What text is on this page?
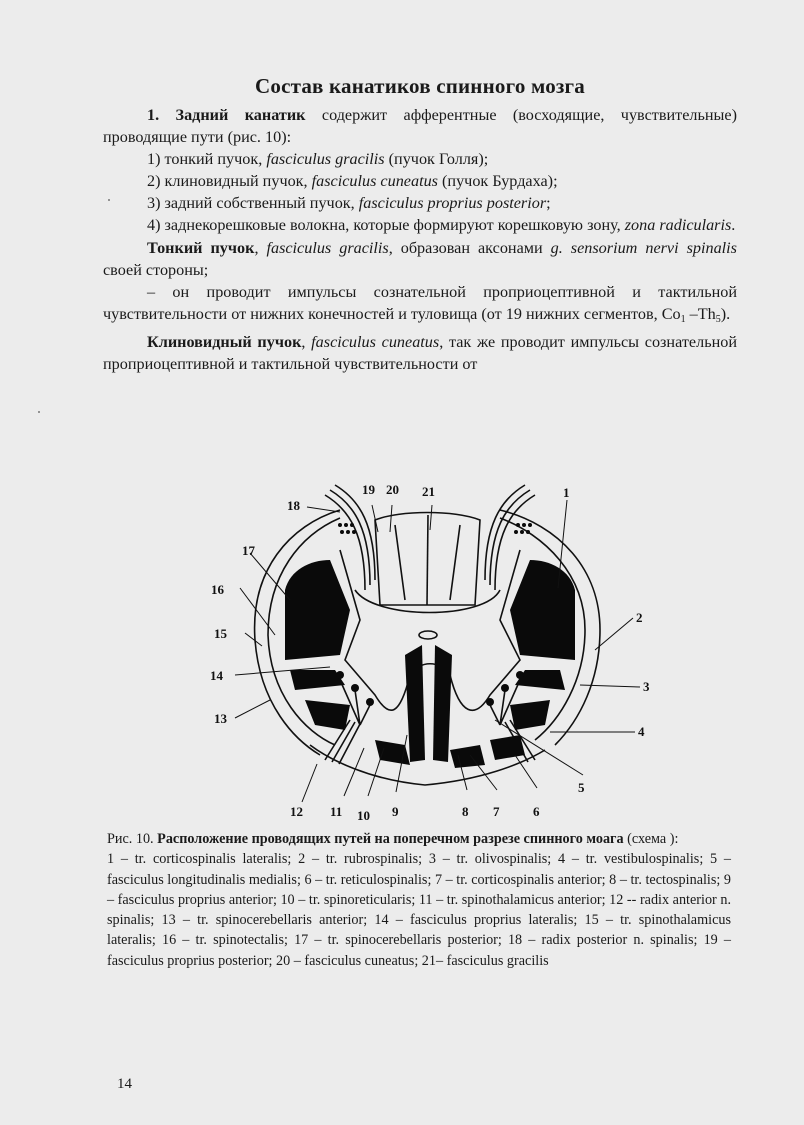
Состав канатиков спинного мозга

1. Задний канатик содержит афферентные (восходящие, чувствительные) проводящие пути (рис. 10):

1) тонкий пучок, fasciculus gracilis (пучок Голля);

2) клиновидный пучок, fasciculus cuneatus (пучок Бурдаха);

3) задний собственный пучок, fasciculus proprius posterior;

4) заднекорешковые волокна, которые формируют корешковую зону, zona radicularis.

Тонкий пучок, fasciculus gracilis, образован аксонами g. sensorium nervi spinalis своей стороны;

– он проводит импульсы сознательной проприоцептивной и тактильной чувствительности от нижних конечностей и туловища (от 19 нижних сегментов, $Co_1$ $-Th_5$).

Клиновидный пучок, fasciculus cuneatus, так же проводит импульсы сознательной проприоцептивной и тактильной чувствительности от

1
2
3
4
5
6
7
8
9
10
11
12
13
14
15
16
17
18
19 20 21

Рис. 10. Расположение проводящих путей на поперечном разрезе спинного моага (схема ):

1 – tr. corticospinalis lateralis; 2 – tr. rubrospinalis; 3 – tr. olivospinalis; 4 – tr. vestibulospinalis; 5 – fasciculus longitudinalis medialis; 6 – tr. reticulospinalis; 7 – tr. corticospinalis anterior; 8 – tr. tectospinalis; 9 – fasciculus proprius anterior; 10 – tr. spinoreticularis; 11 – tr. spinothalamicus anterior; 12 -- radix anterior n. spinalis; 13 – tr. spinocerebellaris anterior; 14 – fasciculus proprius lateralis; 15 – tr. spinothalamicus lateralis; 16 – tr. spinotectalis; 17 – tr. spinocerebellaris posterior; 18 – radix posterior n. spinalis; 19 – fasciculus proprius posterior; 20 – fasciculus cuneatus; 21– fasciculus gracilis

14
